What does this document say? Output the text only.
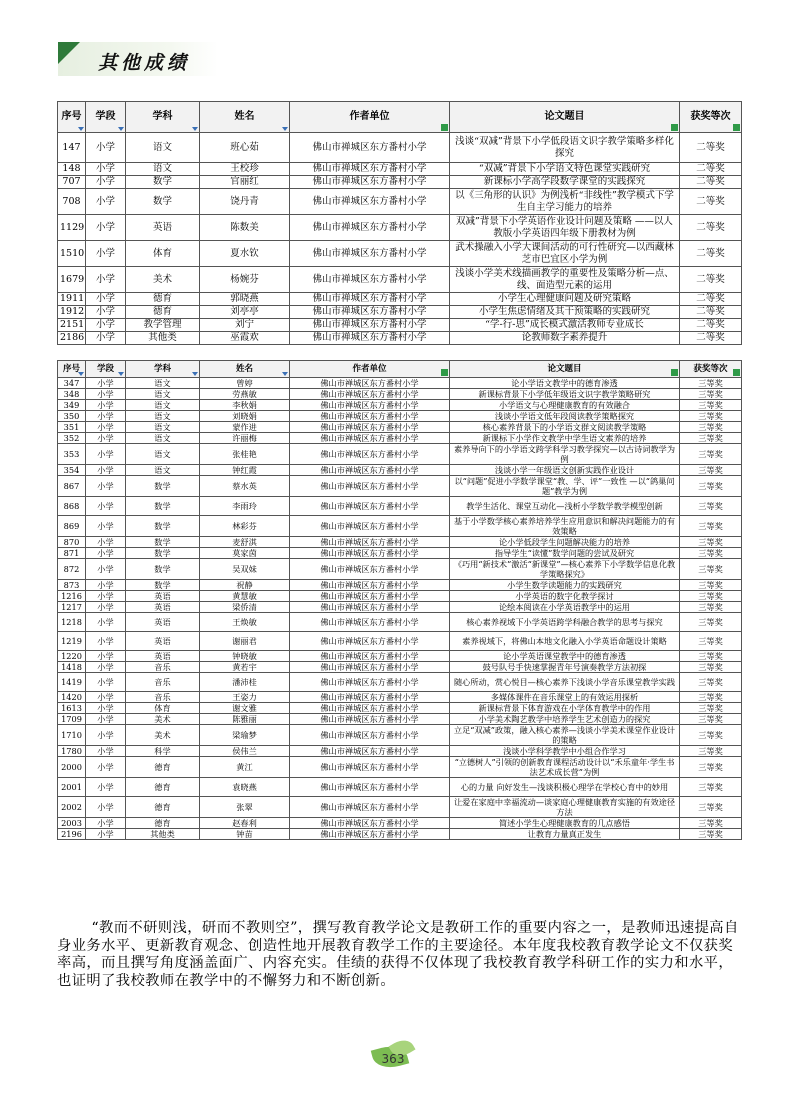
其他成绩
序号	学段	学科	姓名	作者单位	论文题目	获奖等次

147	小学	语文	班心茹	佛山市禅城区东方番村小学	浅谈“双减”背景下小学低段语文识字教学策略多样化探究	二等奖
148	小学	语文	王校珍	佛山市禅城区东方番村小学	“双减”背景下小学语文特色课堂实践研究	二等奖
707	小学	数学	官丽红	佛山市禅城区东方番村小学	新课标小学高学段数学课堂的实践探究	二等奖
708	小学	数学	饶丹青	佛山市禅城区东方番村小学	以《三角形的认识》为例浅析“非线性”教学模式下学生自主学习能力的培养	二等奖
1129	小学	英语	陈数美	佛山市禅城区东方番村小学	双减”背景下小学英语作业设计问题及策略 ——以人教版小学英语四年级下册教材为例	二等奖
1510	小学	体育	夏水钦	佛山市禅城区东方番村小学	武术操融入小学大课间活动的可行性研究—以西藏林芝市巴宜区小学为例	二等奖
1679	小学	美术	杨婉芬	佛山市禅城区东方番村小学	浅谈小学美术线描画教学的重要性及策略分析—点、线、面造型元素的运用	二等奖
1911	小学	德育	郭晓燕	佛山市禅城区东方番村小学	小学生心理健康问题及研究策略	二等奖
1912	小学	德育	刘亭亭	佛山市禅城区东方番村小学	小学生焦虑情绪及其干预策略的实践研究	二等奖
2151	小学	教学管理	刘宁	佛山市禅城区东方番村小学	“学-行-思”成长模式激活教师专业成长	二等奖
2186	小学	其他类	巫霞欢	佛山市禅城区东方番村小学	论教师数字素养提升	二等奖
序号	学段	学科	姓名	作者单位	论文题目	获奖等次

347	小学	语文	曾婷	佛山市禅城区东方番村小学	论小学语文教学中的德育渗透	三等奖
348	小学	语文	劳燕敏	佛山市禅城区东方番村小学	新课标背景下小学低年级语文识字教学策略研究	三等奖
349	小学	语文	李秋娟	佛山市禅城区东方番村小学	小学语文与心理健康教育的有效融合	三等奖
350	小学	语文	刘晓娟	佛山市禅城区东方番村小学	浅谈小学语文低年段阅读教学策略探究	三等奖
351	小学	语文	蒙作进	佛山市禅城区东方番村小学	核心素养背景下的小学语文群文阅读教学策略	三等奖
352	小学	语文	许丽梅	佛山市禅城区东方番村小学	新课标下小学作文教学中学生语文素养的培养	三等奖
353	小学	语文	张桂艳	佛山市禅城区东方番村小学	素养导向下的小学语文跨学科学习教学探究—以古诗词教学为例	三等奖
354	小学	语文	钟红霞	佛山市禅城区东方番村小学	浅谈小学一年级语文创新实践作业设计	三等奖
867	小学	数学	蔡水英	佛山市禅城区东方番村小学	以“问题”促进小学数学课堂“教、学、评”一致性 —以“鸽巢问题”教学为例	三等奖
868	小学	数学	李雨玲	佛山市禅城区东方番村小学	教学生活化、课堂互动化—浅析小学数学教学模型创新	三等奖
869	小学	数学	林彩芬	佛山市禅城区东方番村小学	基于小学数学核心素养培养学生应用意识和解决问题能力的有效策略	三等奖
870	小学	数学	麦舒淇	佛山市禅城区东方番村小学	论小学低段学生问题解决能力的培养	三等奖
871	小学	数学	莫家茵	佛山市禅城区东方番村小学	指导学生“读懂”数学问题的尝试及研究	三等奖
872	小学	数学	吴双妹	佛山市禅城区东方番村小学	《巧用“新技术”激活“新课堂”—核心素养下小学数学信息化教学策略探究》	三等奖
873	小学	数学	祝静	佛山市禅城区东方番村小学	小学生数学读题能力的实践研究	三等奖
1216	小学	英语	黄慧敏	佛山市禅城区东方番村小学	小学英语的数字化教学探讨	三等奖
1217	小学	英语	梁侨清	佛山市禅城区东方番村小学	论绘本阅读在小学英语教学中的运用	三等奖
1218	小学	英语	王焕敏	佛山市禅城区东方番村小学	核心素养视域下小学英语跨学科融合教学的思考与探究	三等奖
1219	小学	英语	谢丽君	佛山市禅城区东方番村小学	素养视域下，将佛山本地文化融入小学英语命题设计策略	三等奖
1220	小学	英语	钟晓敏	佛山市禅城区东方番村小学	论小学英语课堂教学中的德育渗透	三等奖
1418	小学	音乐	黄若宇	佛山市禅城区东方番村小学	鼓号队号手快速掌握青年号演奏教学方法初探	三等奖
1419	小学	音乐	潘沛桂	佛山市禅城区东方番村小学	随心所动，赏心悦目—核心素养下浅谈小学音乐课堂教学实践	三等奖
1420	小学	音乐	王姿力	佛山市禅城区东方番村小学	多媒体课件在音乐课堂上的有效运用探析	三等奖
1613	小学	体育	谢文雅	佛山市禅城区东方番村小学	新课标背景下体育游戏在小学体育教学中的作用	三等奖
1709	小学	美术	陈雅丽	佛山市禅城区东方番村小学	小学美术陶艺教学中培养学生艺术创造力的探究	三等奖
1710	小学	美术	梁瑜梦	佛山市禅城区东方番村小学	立足“双减”政策，融入核心素养—浅谈小学美术课堂作业设计的策略	三等奖
1780	小学	科学	侯伟兰	佛山市禅城区东方番村小学	浅谈小学科学教学中小组合作学习	三等奖
2000	小学	德育	黄江	佛山市禅城区东方番村小学	“立德树人”引领的创新教育课程活动设计以“禾乐童年·学生书法艺术成长营”为例	三等奖
2001	小学	德育	袁晓燕	佛山市禅城区东方番村小学	心的力量 向好发生—浅谈积极心理学在学校心育中的妙用	三等奖
2002	小学	德育	张翠	佛山市禅城区东方番村小学	让爱在家庭中幸福流动—谈家庭心理健康教育实施的有效途径方法	三等奖
2003	小学	德育	赵春利	佛山市禅城区东方番村小学	简述小学生心理健康教育的几点感悟	三等奖
2196	小学	其他类	钟苗	佛山市禅城区东方番村小学	让教育力量真正发生	三等奖

“教而不研则浅，研而不教则空”，撰写教育教学论文是教研工作的重要内容之一，是教师迅速提高自身业务水平、更新教育观念、创造性地开展教育教学工作的主要途径。本年度我校教育教学论文不仅获奖率高，而且撰写角度涵盖面广、内容充实。佳绩的获得不仅体现了我校教育教学科研工作的实力和水平，也证明了我校教师在教学中的不懈努力和不断创新。

363
